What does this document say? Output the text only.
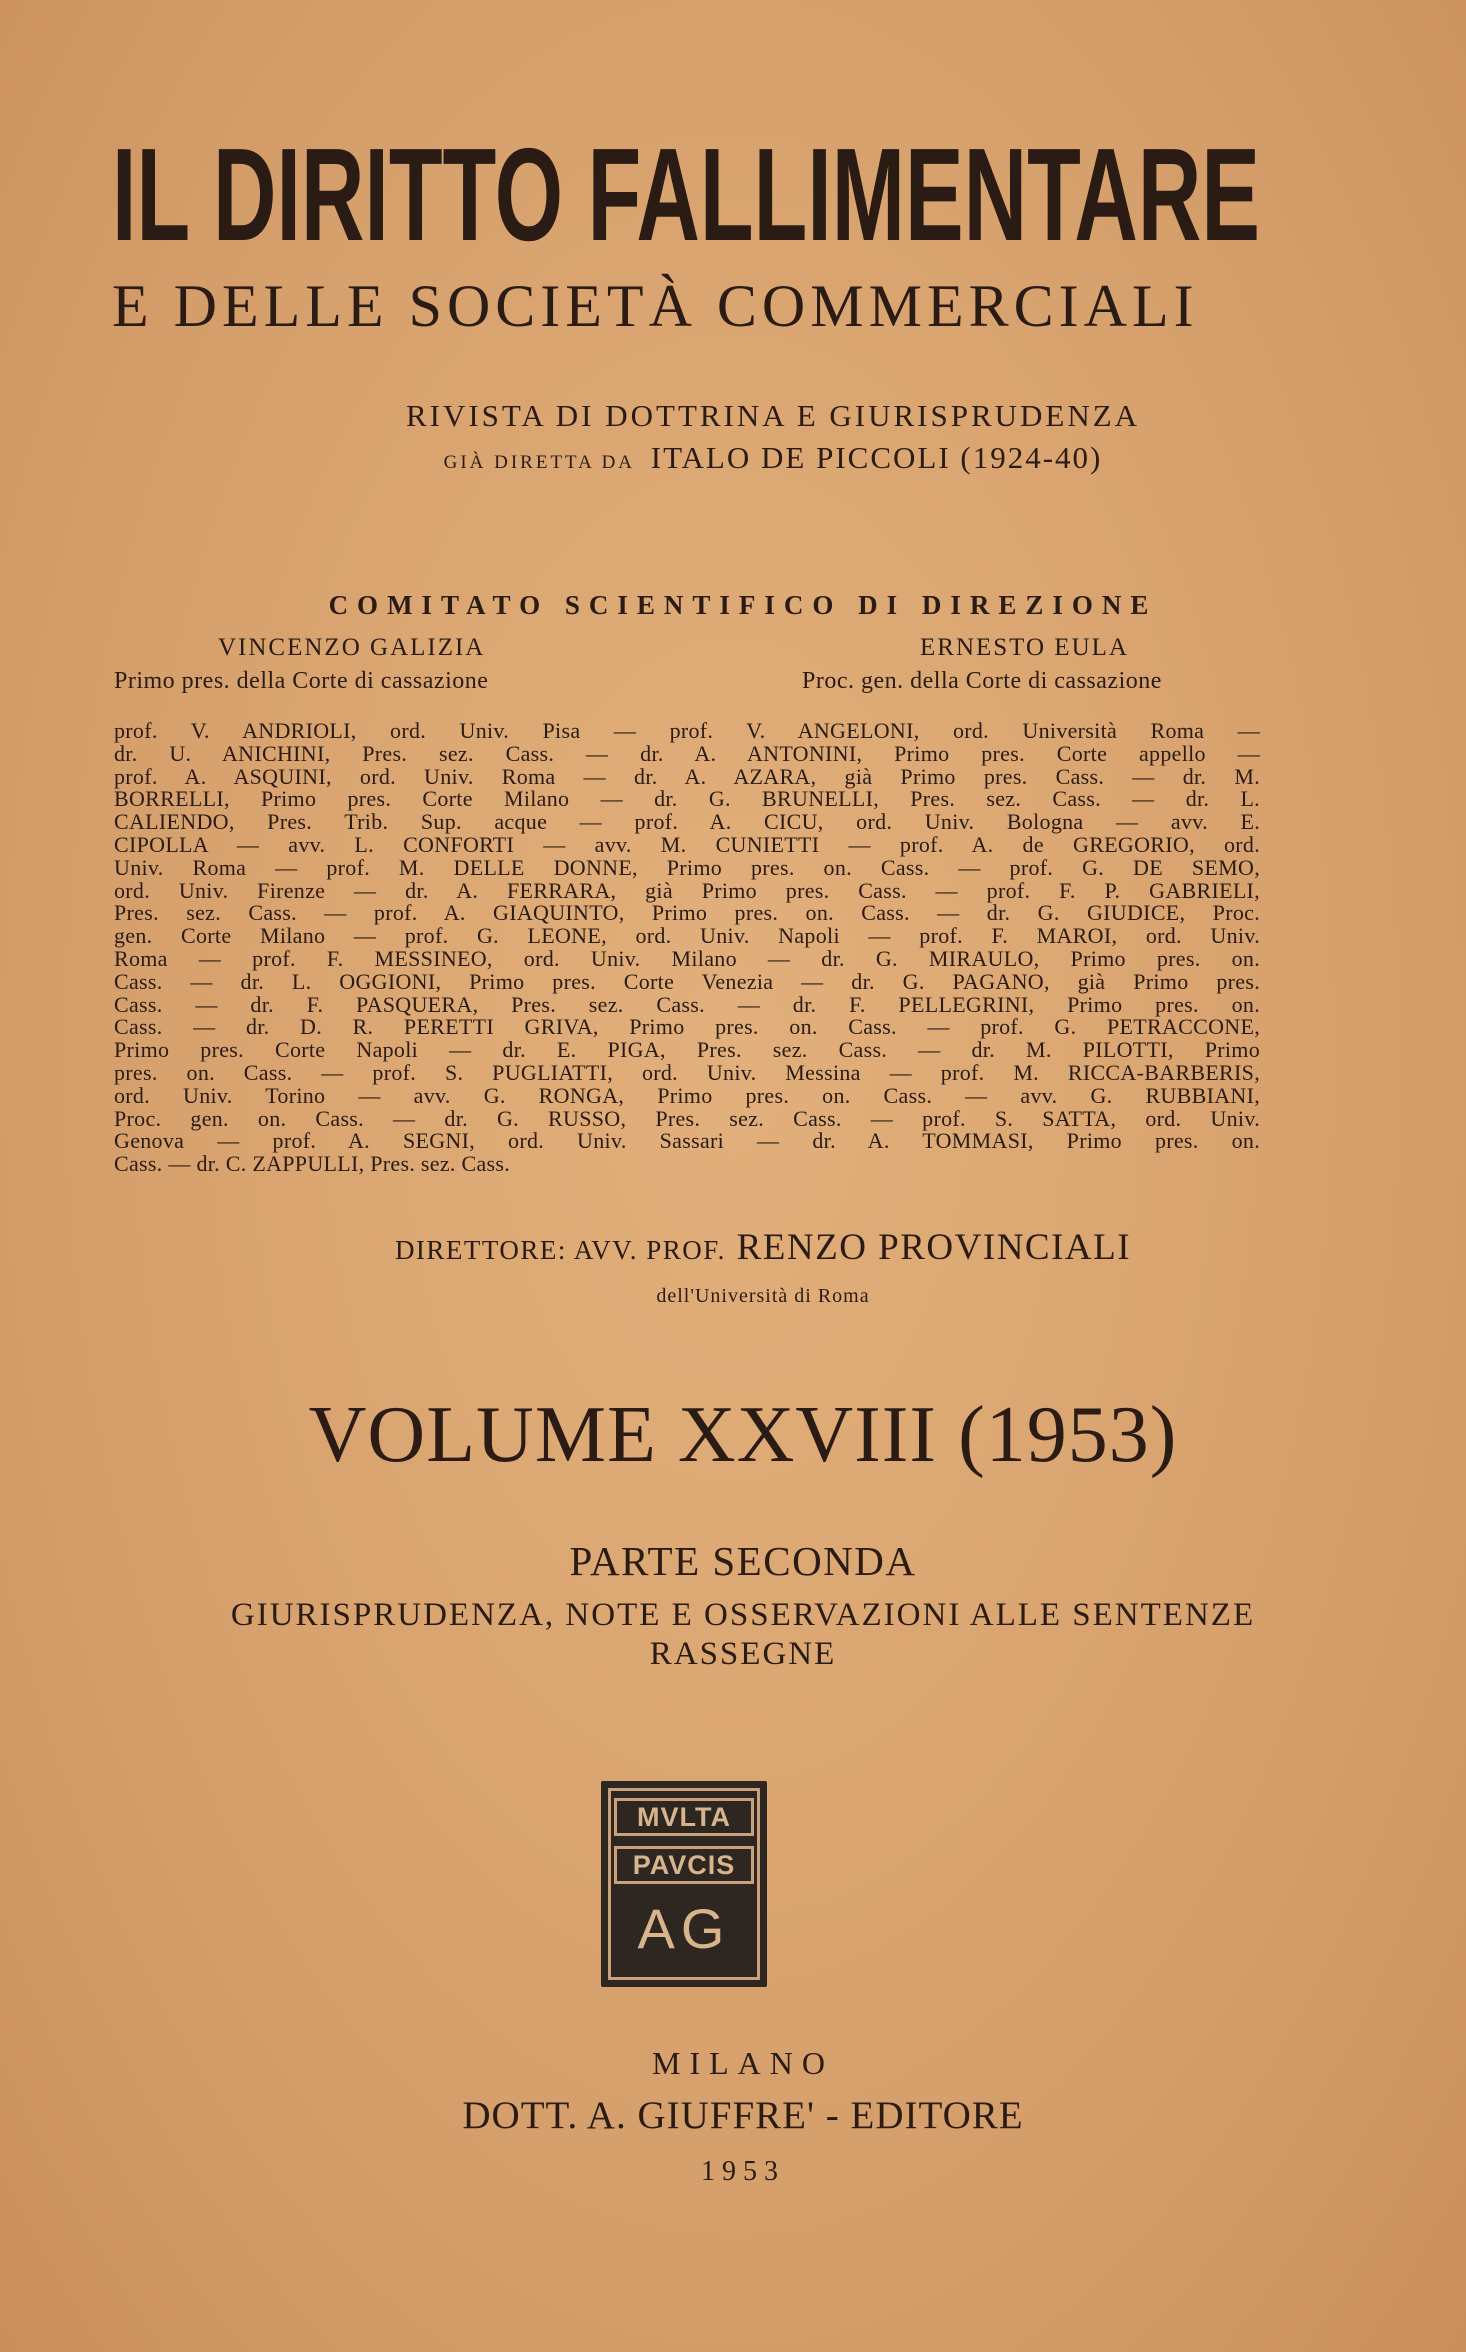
IL DIRITTO FALLIMENTARE
E DELLE SOCIETÀ COMMERCIALI
RIVISTA DI DOTTRINA E GIURISPRUDENZA
GIÀ DIRETTA DA ITALO DE PICCOLI (1924-40)
COMITATO SCIENTIFICO DI DIREZIONE
VINCENZO GALIZIA	ERNESTO EULA
Primo pres. della Corte di cassazione	Proc. gen. della Corte di cassazione
prof. V. ANDRIOLI, ord. Univ. Pisa — prof. V. ANGELONI, ord. Università Roma —
dr. U. ANICHINI, Pres. sez. Cass. — dr. A. ANTONINI, Primo pres. Corte appello —
prof. A. ASQUINI, ord. Univ. Roma — dr. A. AZARA, già Primo pres. Cass. — dr. M.
BORRELLI, Primo pres. Corte Milano — dr. G. BRUNELLI, Pres. sez. Cass. — dr. L.
CALIENDO, Pres. Trib. Sup. acque — prof. A. CICU, ord. Univ. Bologna — avv. E.
CIPOLLA — avv. L. CONFORTI — avv. M. CUNIETTI — prof. A. de GREGORIO, ord.
Univ. Roma — prof. M. DELLE DONNE, Primo pres. on. Cass. — prof. G. DE SEMO,
ord. Univ. Firenze — dr. A. FERRARA, già Primo pres. Cass. — prof. F. P. GABRIELI,
Pres. sez. Cass. — prof. A. GIAQUINTO, Primo pres. on. Cass. — dr. G. GIUDICE, Proc.
gen. Corte Milano — prof. G. LEONE, ord. Univ. Napoli — prof. F. MAROI, ord. Univ.
Roma — prof. F. MESSINEO, ord. Univ. Milano — dr. G. MIRAULO, Primo pres. on.
Cass. — dr. L. OGGIONI, Primo pres. Corte Venezia — dr. G. PAGANO, già Primo pres.
Cass. — dr. F. PASQUERA, Pres. sez. Cass. — dr. F. PELLEGRINI, Primo pres. on.
Cass. — dr. D. R. PERETTI GRIVA, Primo pres. on. Cass. — prof. G. PETRACCONE,
Primo pres. Corte Napoli — dr. E. PIGA, Pres. sez. Cass. — dr. M. PILOTTI, Primo
pres. on. Cass. — prof. S. PUGLIATTI, ord. Univ. Messina — prof. M. RICCA-BARBERIS,
ord. Univ. Torino — avv. G. RONGA, Primo pres. on. Cass. — avv. G. RUBBIANI,
Proc. gen. on. Cass. — dr. G. RUSSO, Pres. sez. Cass. — prof. S. SATTA, ord. Univ.
Genova — prof. A. SEGNI, ord. Univ. Sassari — dr. A. TOMMASI, Primo pres. on.
Cass. — dr. C. ZAPPULLI, Pres. sez. Cass.
DIRETTORE: AVV. PROF. RENZO PROVINCIALI
dell'Università di Roma
VOLUME XXVIII (1953)
PARTE SECONDA
GIURISPRUDENZA, NOTE E OSSERVAZIONI ALLE SENTENZE
RASSEGNE
MVLTA
PAVCIS
AG
MILANO
DOTT. A. GIUFFRE' - EDITORE
1953
